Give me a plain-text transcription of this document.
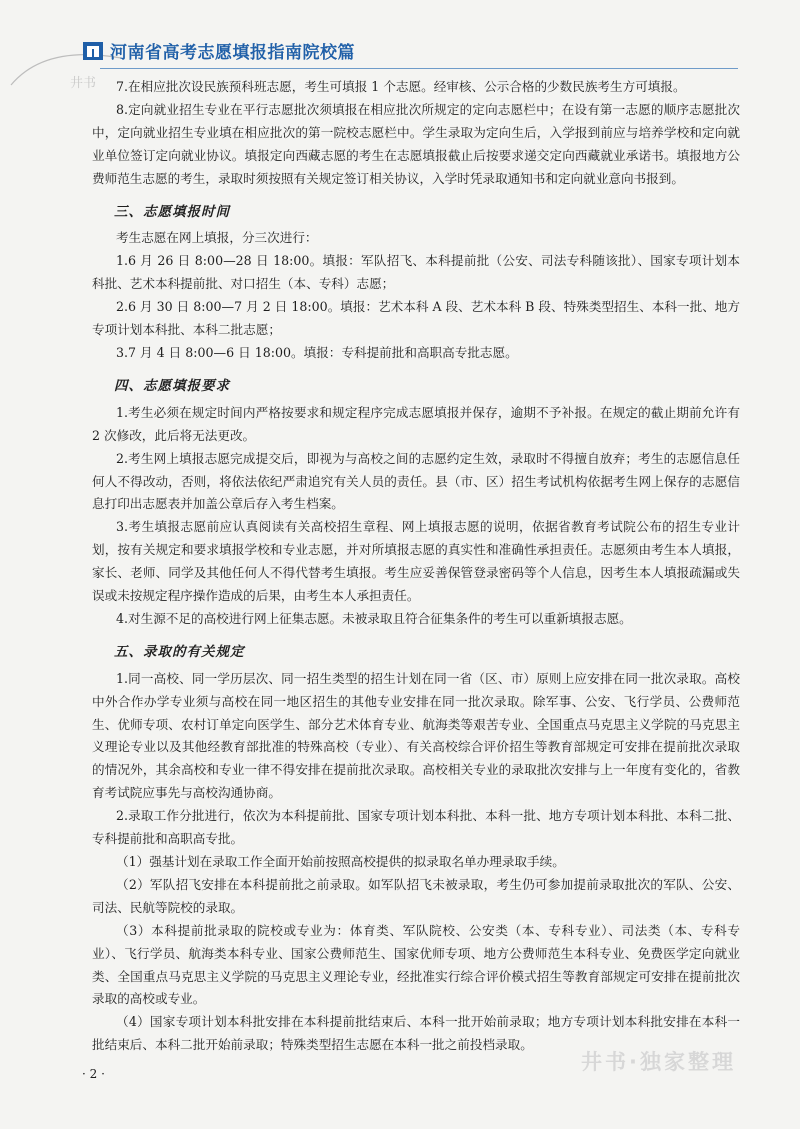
井书
河南省高考志愿填报指南院校篇

7.在相应批次设民族预科班志愿，考生可填报 1 个志愿。经审核、公示合格的少数民族考生方可填报。

8.定向就业招生专业在平行志愿批次须填报在相应批次所规定的定向志愿栏中；在设有第一志愿的顺序志愿批次中，定向就业招生专业填在相应批次的第一院校志愿栏中。学生录取为定向生后，入学报到前应与培养学校和定向就业单位签订定向就业协议。填报定向西藏志愿的考生在志愿填报截止后按要求递交定向西藏就业承诺书。填报地方公费师范生志愿的考生，录取时须按照有关规定签订相关协议，入学时凭录取通知书和定向就业意向书报到。

三、志愿填报时间

考生志愿在网上填报，分三次进行：

1.6 月 26 日 8:00—28 日 18:00。填报：军队招飞、本科提前批（公安、司法专科随该批）、国家专项计划本科批、艺术本科提前批、对口招生（本、专科）志愿；

2.6 月 30 日 8:00—7 月 2 日 18:00。填报：艺术本科 A 段、艺术本科 B 段、特殊类型招生、本科一批、地方专项计划本科批、本科二批志愿；

3.7 月 4 日 8:00—6 日 18:00。填报：专科提前批和高职高专批志愿。

四、志愿填报要求

1.考生必须在规定时间内严格按要求和规定程序完成志愿填报并保存，逾期不予补报。在规定的截止期前允许有 2 次修改，此后将无法更改。

2.考生网上填报志愿完成提交后，即视为与高校之间的志愿约定生效，录取时不得擅自放弃；考生的志愿信息任何人不得改动，否则，将依法依纪严肃追究有关人员的责任。县（市、区）招生考试机构依据考生网上保存的志愿信息打印出志愿表并加盖公章后存入考生档案。

3.考生填报志愿前应认真阅读有关高校招生章程、网上填报志愿的说明，依据省教育考试院公布的招生专业计划，按有关规定和要求填报学校和专业志愿，并对所填报志愿的真实性和准确性承担责任。志愿须由考生本人填报，家长、老师、同学及其他任何人不得代替考生填报。考生应妥善保管登录密码等个人信息，因考生本人填报疏漏或失误或未按规定程序操作造成的后果，由考生本人承担责任。

4.对生源不足的高校进行网上征集志愿。未被录取且符合征集条件的考生可以重新填报志愿。

五、录取的有关规定

1.同一高校、同一学历层次、同一招生类型的招生计划在同一省（区、市）原则上应安排在同一批次录取。高校中外合作办学专业须与高校在同一地区招生的其他专业安排在同一批次录取。除军事、公安、飞行学员、公费师范生、优师专项、农村订单定向医学生、部分艺术体育专业、航海类等艰苦专业、全国重点马克思主义学院的马克思主义理论专业以及其他经教育部批准的特殊高校（专业）、有关高校综合评价招生等教育部规定可安排在提前批次录取的情况外，其余高校和专业一律不得安排在提前批次录取。高校相关专业的录取批次安排与上一年度有变化的，省教育考试院应事先与高校沟通协商。

2.录取工作分批进行，依次为本科提前批、国家专项计划本科批、本科一批、地方专项计划本科批、本科二批、专科提前批和高职高专批。

（1）强基计划在录取工作全面开始前按照高校提供的拟录取名单办理录取手续。

（2）军队招飞安排在本科提前批之前录取。如军队招飞未被录取，考生仍可参加提前录取批次的军队、公安、司法、民航等院校的录取。

（3）本科提前批录取的院校或专业为：体育类、军队院校、公安类（本、专科专业）、司法类（本、专科专业）、飞行学员、航海类本科专业、国家公费师范生、国家优师专项、地方公费师范生本科专业、免费医学定向就业类、全国重点马克思主义学院的马克思主义理论专业，经批准实行综合评价模式招生等教育部规定可安排在提前批次录取的高校或专业。

（4）国家专项计划本科批安排在本科提前批结束后、本科一批开始前录取；地方专项计划本科批安排在本科一批结束后、本科二批开始前录取；特殊类型招生志愿在本科一批之前投档录取。

· 2 ·	井书·独家整理
